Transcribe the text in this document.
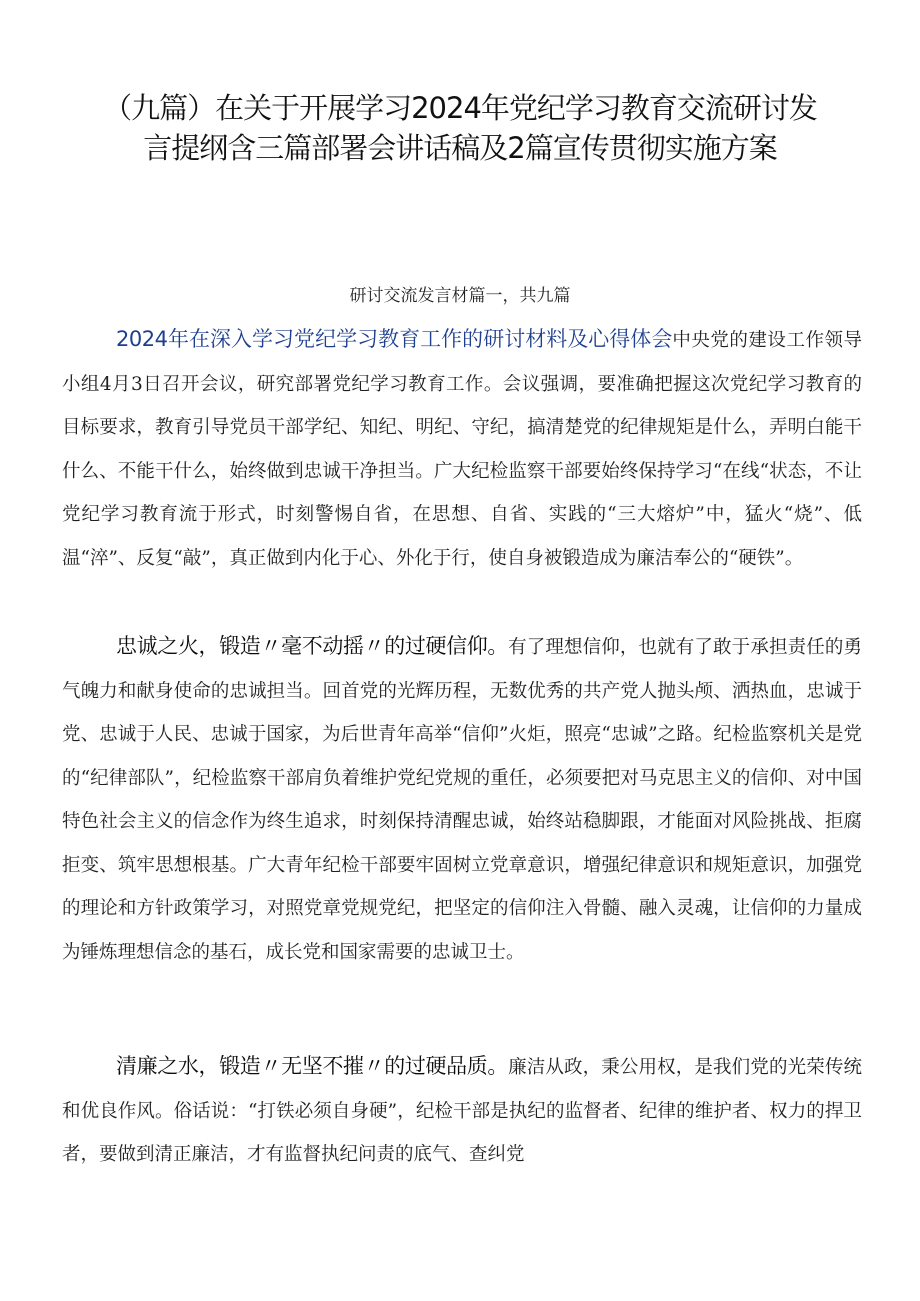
（九篇）在关于开展学习2024年党纪学习教育交流研讨发言提纲含三篇部署会讲话稿及2篇宣传贯彻实施方案

研讨交流发言材篇一，共九篇

2024年在深入学习党纪学习教育工作的研讨材料及心得体会中央党的建设工作领导小组4月3日召开会议，研究部署党纪学习教育工作。会议强调，要准确把握这次党纪学习教育的目标要求，教育引导党员干部学纪、知纪、明纪、守纪，搞清楚党的纪律规矩是什么，弄明白能干什么、不能干什么，始终做到忠诚干净担当。广大纪检监察干部要始终保持学习“在线“状态，不让党纪学习教育流于形式，时刻警惕自省，在思想、自省、实践的“三大熔炉”中，猛火“烧”、低温“淬”、反复“敲”，真正做到内化于心、外化于行，使自身被锻造成为廉洁奉公的“硬铁”。

忠诚之火，锻造〃毫不动摇〃的过硬信仰。有了理想信仰，也就有了敢于承担责任的勇气魄力和献身使命的忠诚担当。回首党的光辉历程，无数优秀的共产党人抛头颅、洒热血，忠诚于党、忠诚于人民、忠诚于国家，为后世青年高举“信仰”火炬，照亮“忠诚”之路。纪检监察机关是党的“纪律部队”，纪检监察干部肩负着维护党纪党规的重任，必须要把对马克思主义的信仰、对中国特色社会主义的信念作为终生追求，时刻保持清醒忠诚，始终站稳脚跟，才能面对风险挑战、拒腐拒变、筑牢思想根基。广大青年纪检干部要牢固树立党章意识，增强纪律意识和规矩意识，加强党的理论和方针政策学习，对照党章党规党纪，把坚定的信仰注入骨髓、融入灵魂，让信仰的力量成为锤炼理想信念的基石，成长党和国家需要的忠诚卫士。

清廉之水，锻造〃无坚不摧〃的过硬品质。廉洁从政，秉公用权，是我们党的光荣传统和优良作风。俗话说：“打铁必须自身硬”，纪检干部是执纪的监督者、纪律的维护者、权力的捍卫者，要做到清正廉洁，才有监督执纪问责的底气、查纠党
